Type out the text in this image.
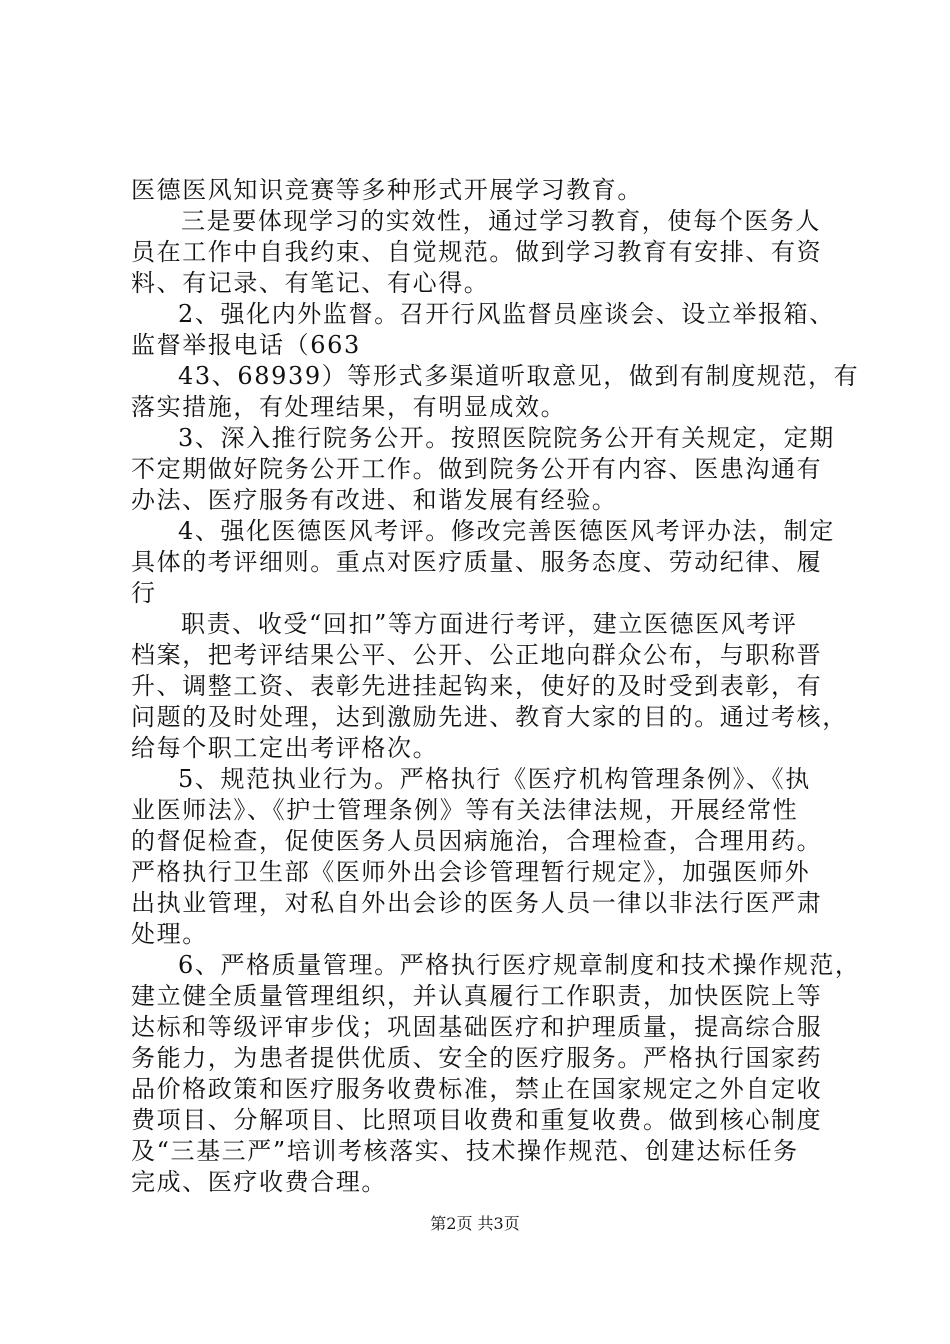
医德医风知识竞赛等多种形式开展学习教育。
三是要体现学习的实效性，通过学习教育，使每个医务人
员在工作中自我约束、自觉规范。做到学习教育有安排、有资
料、有记录、有笔记、有心得。
2、强化内外监督。召开行风监督员座谈会、设立举报箱、
监督举报电话（663
43、68939）等形式多渠道听取意见，做到有制度规范，有
落实措施，有处理结果，有明显成效。
3、深入推行院务公开。按照医院院务公开有关规定，定期
不定期做好院务公开工作。做到院务公开有内容、医患沟通有
办法、医疗服务有改进、和谐发展有经验。
4、强化医德医风考评。修改完善医德医风考评办法，制定
具体的考评细则。重点对医疗质量、服务态度、劳动纪律、履
行
职责、收受“回扣”等方面进行考评，建立医德医风考评
档案，把考评结果公平、公开、公正地向群众公布，与职称晋
升、调整工资、表彰先进挂起钩来，使好的及时受到表彰，有
问题的及时处理，达到激励先进、教育大家的目的。通过考核，
给每个职工定出考评格次。
5、规范执业行为。严格执行《医疗机构管理条例》、《执
业医师法》、《护士管理条例》等有关法律法规，开展经常性
的督促检查，促使医务人员因病施治，合理检查，合理用药。
严格执行卫生部《医师外出会诊管理暂行规定》，加强医师外
出执业管理，对私自外出会诊的医务人员一律以非法行医严肃
处理。
6、严格质量管理。严格执行医疗规章制度和技术操作规范，
建立健全质量管理组织，并认真履行工作职责，加快医院上等
达标和等级评审步伐；巩固基础医疗和护理质量，提高综合服
务能力，为患者提供优质、安全的医疗服务。严格执行国家药
品价格政策和医疗服务收费标准，禁止在国家规定之外自定收
费项目、分解项目、比照项目收费和重复收费。做到核心制度
及“三基三严”培训考核落实、技术操作规范、创建达标任务
完成、医疗收费合理。
第2页 共3页
